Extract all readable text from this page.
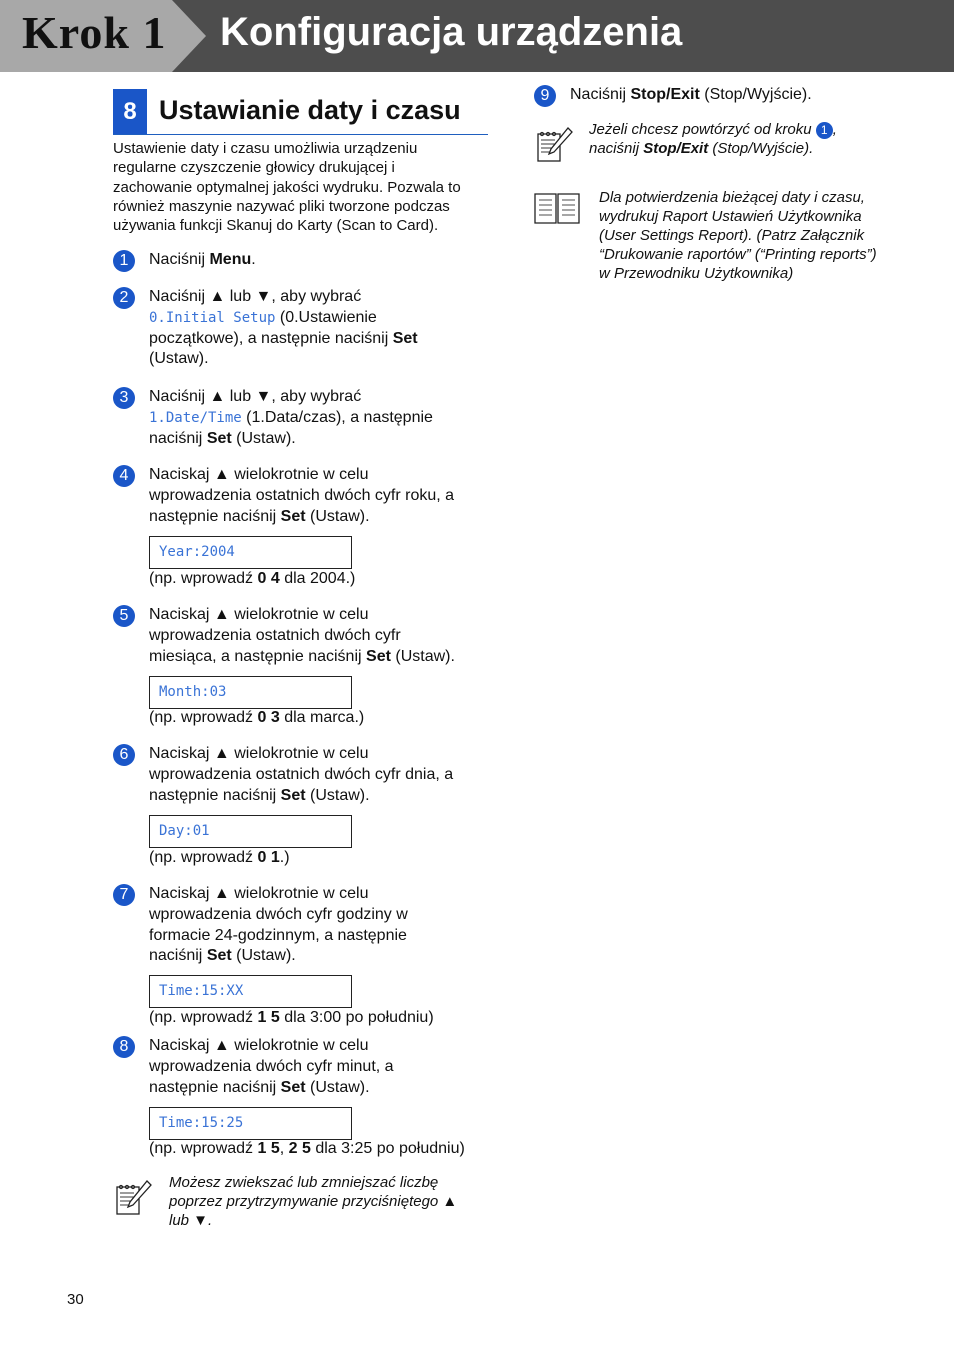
Krok 1 Konfiguracja urządzenia
8 Ustawianie daty i czasu
Ustawienie daty i czasu umożliwia urządzeniu
regularne czyszczenie głowicy drukującej i
zachowanie optymalnej jakości wydruku. Pozwala to
również maszynie nazywać pliki tworzone podczas
używania funkcji Skanuj do Karty (Scan to Card).
1	Naciśnij Menu.
2	Naciśnij ▲ lub ▼, aby wybrać
0.Initial Setup (0.Ustawienie
początkowe), a następnie naciśnij Set
(Ustaw).
3	Naciśnij ▲ lub ▼, aby wybrać
1.Date/Time (1.Data/czas), a następnie
naciśnij Set (Ustaw).
4	Naciskaj ▲ wielokrotnie w celu
wprowadzenia ostatnich dwóch cyfr roku, a
następnie naciśnij Set (Ustaw).
Year:2004
(np. wprowadź 0 4 dla 2004.)
5	Naciskaj ▲ wielokrotnie w celu
wprowadzenia ostatnich dwóch cyfr
miesiąca, a następnie naciśnij Set (Ustaw).
Month:03
(np. wprowadź 0 3 dla marca.)
6	Naciskaj ▲ wielokrotnie w celu
wprowadzenia ostatnich dwóch cyfr dnia, a
następnie naciśnij Set (Ustaw).
Day:01
(np. wprowadź 0 1.)
7	Naciskaj ▲ wielokrotnie w celu
wprowadzenia dwóch cyfr godziny w
formacie 24-godzinnym, a następnie
naciśnij Set (Ustaw).
Time:15:XX
(np. wprowadź 1 5 dla 3:00 po południu)
8	Naciskaj ▲ wielokrotnie w celu
wprowadzenia dwóch cyfr minut, a
następnie naciśnij Set (Ustaw).
Time:15:25
(np. wprowadź 1 5, 2 5 dla 3:25 po południu)
Możesz zwiekszać lub zmniejszać liczbę
poprzez przytrzymywanie przyciśniętego ▲
lub ▼.
9	Naciśnij Stop/Exit (Stop/Wyjście).
Jeżeli chcesz powtórzyć od kroku 1 ,
naciśnij Stop/Exit (Stop/Wyjście).
Dla potwierdzenia bieżącej daty i czasu,
wydrukuj Raport Ustawień Użytkownika
(User Settings Report). (Patrz Załącznik
“Drukowanie raportów” (“Printing reports”)
w Przewodniku Użytkownika)
30
